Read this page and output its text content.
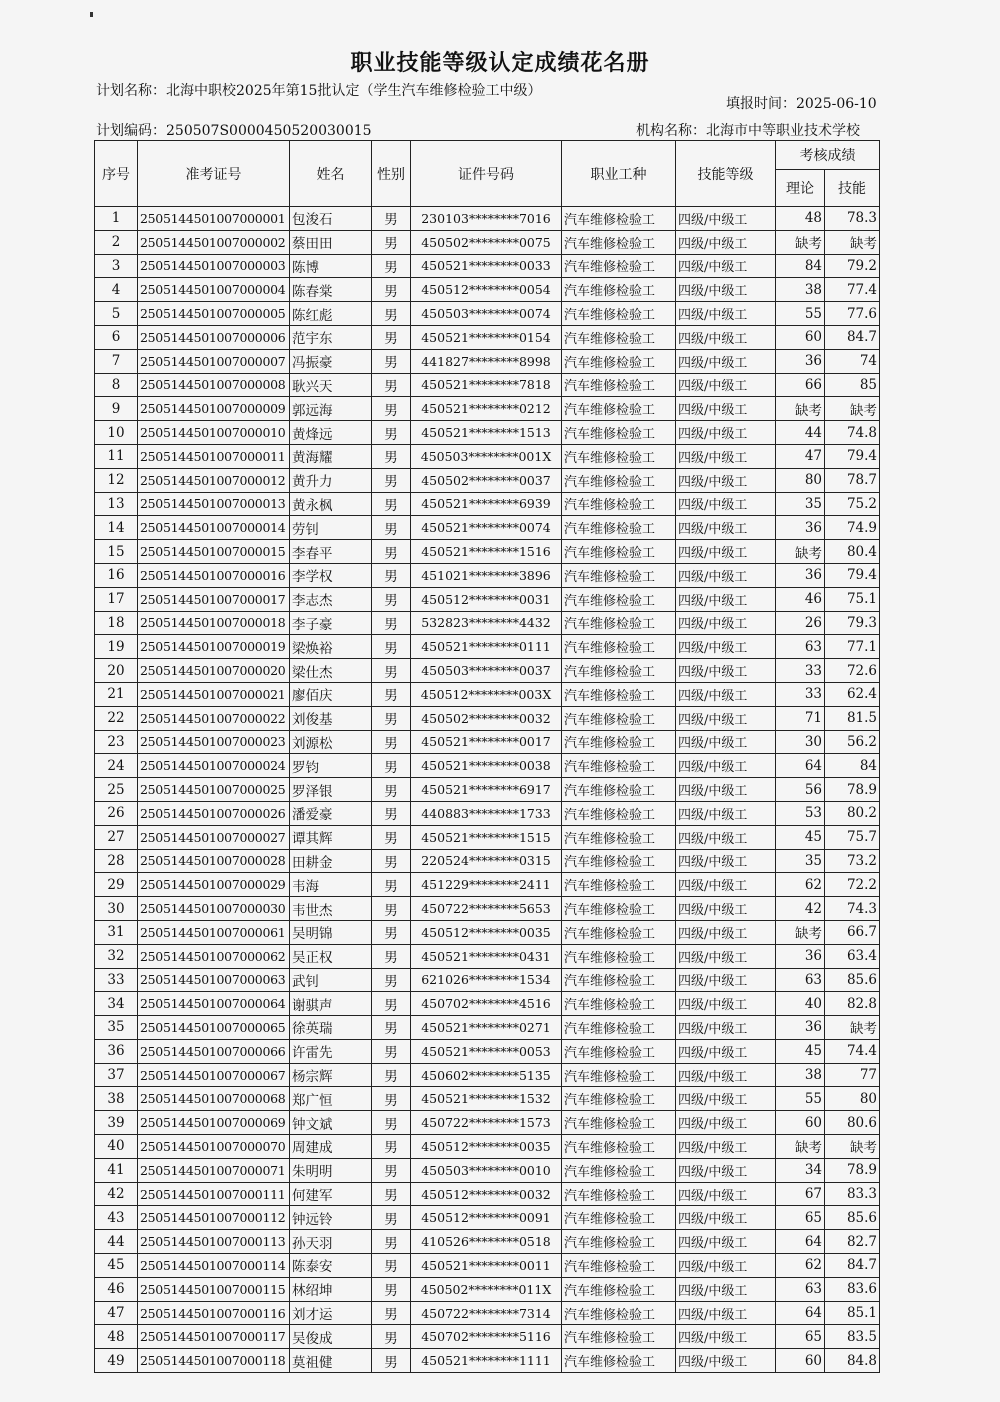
职业技能等级认定成绩花名册
计划名称：北海中职校2025年第15批认定（学生汽车维修检验工中级）
填报时间：2025-06-10
计划编码：250507S0000450520030015	机构名称：北海市中等职业技术学校
序号	准考证号	姓名	性别	证件号码	职业工种	技能等级	考核成绩	
							理论	技能
1	2505144501007000001	包浚石	男	230103********7016	汽车维修检验工	四级/中级工	48	78.3
2	2505144501007000002	蔡田田	男	450502********0075	汽车维修检验工	四级/中级工	缺考	缺考
3	2505144501007000003	陈博	男	450521********0033	汽车维修检验工	四级/中级工	84	79.2
4	2505144501007000004	陈春棠	男	450512********0054	汽车维修检验工	四级/中级工	38	77.4
5	2505144501007000005	陈红彪	男	450503********0074	汽车维修检验工	四级/中级工	55	77.6
6	2505144501007000006	范宇东	男	450521********0154	汽车维修检验工	四级/中级工	60	84.7
7	2505144501007000007	冯振豪	男	441827********8998	汽车维修检验工	四级/中级工	36	74
8	2505144501007000008	耿兴天	男	450521********7818	汽车维修检验工	四级/中级工	66	85
9	2505144501007000009	郭远海	男	450521********0212	汽车维修检验工	四级/中级工	缺考	缺考
10	2505144501007000010	黄烽远	男	450521********1513	汽车维修检验工	四级/中级工	44	74.8
11	2505144501007000011	黄海耀	男	450503********001X	汽车维修检验工	四级/中级工	47	79.4
12	2505144501007000012	黄升力	男	450502********0037	汽车维修检验工	四级/中级工	80	78.7
13	2505144501007000013	黄永枫	男	450521********6939	汽车维修检验工	四级/中级工	35	75.2
14	2505144501007000014	劳钊	男	450521********0074	汽车维修检验工	四级/中级工	36	74.9
15	2505144501007000015	李春平	男	450521********1516	汽车维修检验工	四级/中级工	缺考	80.4
16	2505144501007000016	李学权	男	451021********3896	汽车维修检验工	四级/中级工	36	79.4
17	2505144501007000017	李志杰	男	450512********0031	汽车维修检验工	四级/中级工	46	75.1
18	2505144501007000018	李子豪	男	532823********4432	汽车维修检验工	四级/中级工	26	79.3
19	2505144501007000019	梁焕裕	男	450521********0111	汽车维修检验工	四级/中级工	63	77.1
20	2505144501007000020	梁仕杰	男	450503********0037	汽车维修检验工	四级/中级工	33	72.6
21	2505144501007000021	廖佰庆	男	450512********003X	汽车维修检验工	四级/中级工	33	62.4
22	2505144501007000022	刘俊基	男	450502********0032	汽车维修检验工	四级/中级工	71	81.5
23	2505144501007000023	刘源松	男	450521********0017	汽车维修检验工	四级/中级工	30	56.2
24	2505144501007000024	罗钧	男	450521********0038	汽车维修检验工	四级/中级工	64	84
25	2505144501007000025	罗泽银	男	450521********6917	汽车维修检验工	四级/中级工	56	78.9
26	2505144501007000026	潘爱豪	男	440883********1733	汽车维修检验工	四级/中级工	53	80.2
27	2505144501007000027	谭其辉	男	450521********1515	汽车维修检验工	四级/中级工	45	75.7
28	2505144501007000028	田耕金	男	220524********0315	汽车维修检验工	四级/中级工	35	73.2
29	2505144501007000029	韦海	男	451229********2411	汽车维修检验工	四级/中级工	62	72.2
30	2505144501007000030	韦世杰	男	450722********5653	汽车维修检验工	四级/中级工	42	74.3
31	2505144501007000061	吴明锦	男	450512********0035	汽车维修检验工	四级/中级工	缺考	66.7
32	2505144501007000062	吴正权	男	450521********0431	汽车维修检验工	四级/中级工	36	63.4
33	2505144501007000063	武钊	男	621026********1534	汽车维修检验工	四级/中级工	63	85.6
34	2505144501007000064	谢骐声	男	450702********4516	汽车维修检验工	四级/中级工	40	82.8
35	2505144501007000065	徐英瑞	男	450521********0271	汽车维修检验工	四级/中级工	36	缺考
36	2505144501007000066	许雷先	男	450521********0053	汽车维修检验工	四级/中级工	45	74.4
37	2505144501007000067	杨宗辉	男	450602********5135	汽车维修检验工	四级/中级工	38	77
38	2505144501007000068	郑广恒	男	450521********1532	汽车维修检验工	四级/中级工	55	80
39	2505144501007000069	钟文斌	男	450722********1573	汽车维修检验工	四级/中级工	60	80.6
40	2505144501007000070	周建成	男	450512********0035	汽车维修检验工	四级/中级工	缺考	缺考
41	2505144501007000071	朱明明	男	450503********0010	汽车维修检验工	四级/中级工	34	78.9
42	2505144501007000111	何建军	男	450512********0032	汽车维修检验工	四级/中级工	67	83.3
43	2505144501007000112	钟远铃	男	450512********0091	汽车维修检验工	四级/中级工	65	85.6
44	2505144501007000113	孙天羽	男	410526********0518	汽车维修检验工	四级/中级工	64	82.7
45	2505144501007000114	陈泰安	男	450521********0011	汽车维修检验工	四级/中级工	62	84.7
46	2505144501007000115	林绍坤	男	450502********011X	汽车维修检验工	四级/中级工	63	83.6
47	2505144501007000116	刘才运	男	450722********7314	汽车维修检验工	四级/中级工	64	85.1
48	2505144501007000117	吴俊成	男	450702********5116	汽车维修检验工	四级/中级工	65	83.5
49	2505144501007000118	莫祖健	男	450521********1111	汽车维修检验工	四级/中级工	60	84.8
